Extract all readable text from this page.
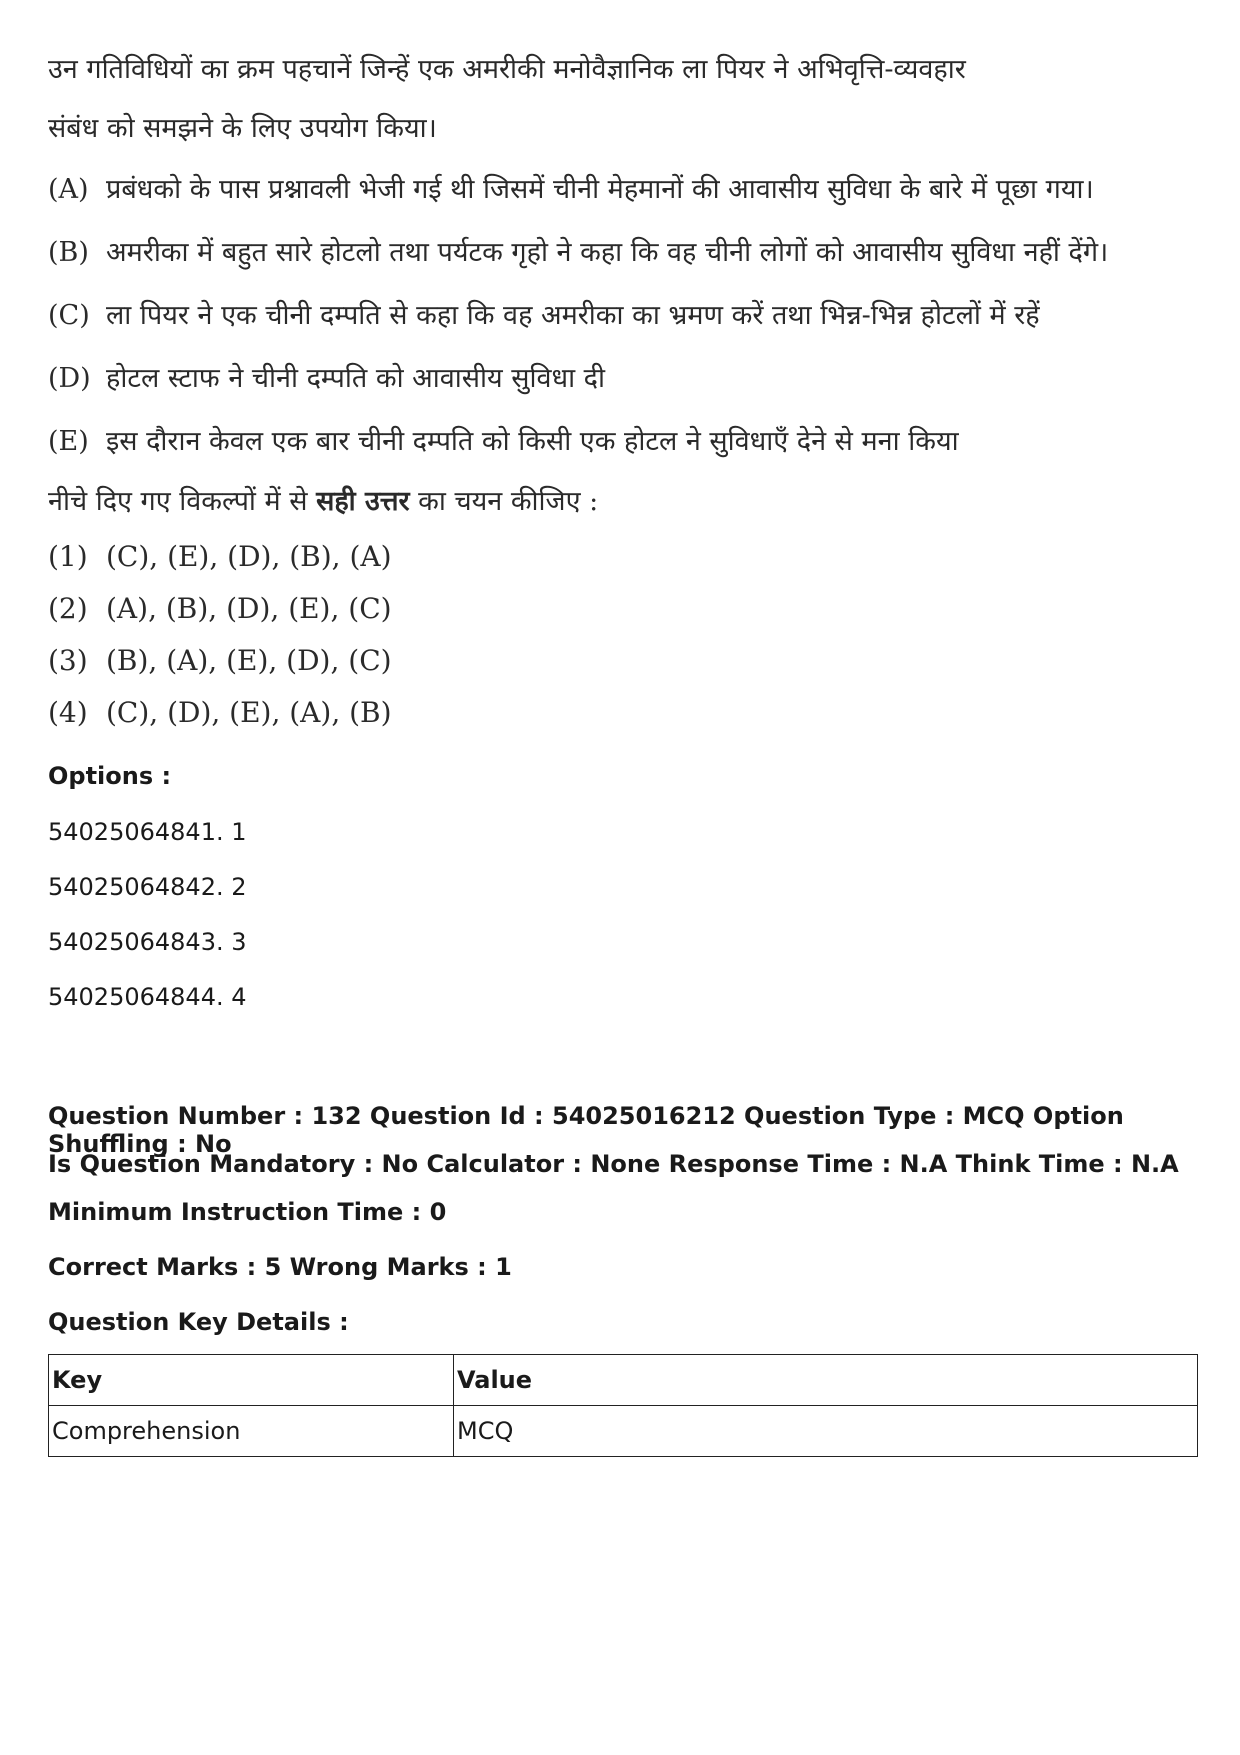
उन गतिविधियों का क्रम पहचानें जिन्हें एक अमरीकी मनोवैज्ञानिक ला पियर ने अभिवृत्ति-व्यवहार संबंध को समझने के लिए उपयोग किया।

(A) प्रबंधको के पास प्रश्नावली भेजी गई थी जिसमें चीनी मेहमानों की आवासीय सुविधा के बारे में पूछा गया।
(B) अमरीका में बहुत सारे होटलो तथा पर्यटक गृहो ने कहा कि वह चीनी लोगों को आवासीय सुविधा नहीं देंगे।
(C) ला पियर ने एक चीनी दम्पति से कहा कि वह अमरीका का भ्रमण करें तथा भिन्न-भिन्न होटलों में रहें
(D) होटल स्टाफ ने चीनी दम्पति को आवासीय सुविधा दी
(E) इस दौरान केवल एक बार चीनी दम्पति को किसी एक होटल ने सुविधाएँ देने से मना किया
नीचे दिए गए विकल्पों में से सही उत्तर का चयन कीजिए :
(1) (C), (E), (D), (B), (A)
(2) (A), (B), (D), (E), (C)
(3) (B), (A), (E), (D), (C)
(4) (C), (D), (E), (A), (B)
Options :
54025064841. 1
54025064842. 2
54025064843. 3
54025064844. 4
Question Number : 132 Question Id : 54025016212 Question Type : MCQ Option Shuffling : No
Is Question Mandatory : No Calculator : None Response Time : N.A Think Time : N.A
Minimum Instruction Time : 0
Correct Marks : 5 Wrong Marks : 1
Question Key Details :
Key	Value
Comprehension	MCQ
